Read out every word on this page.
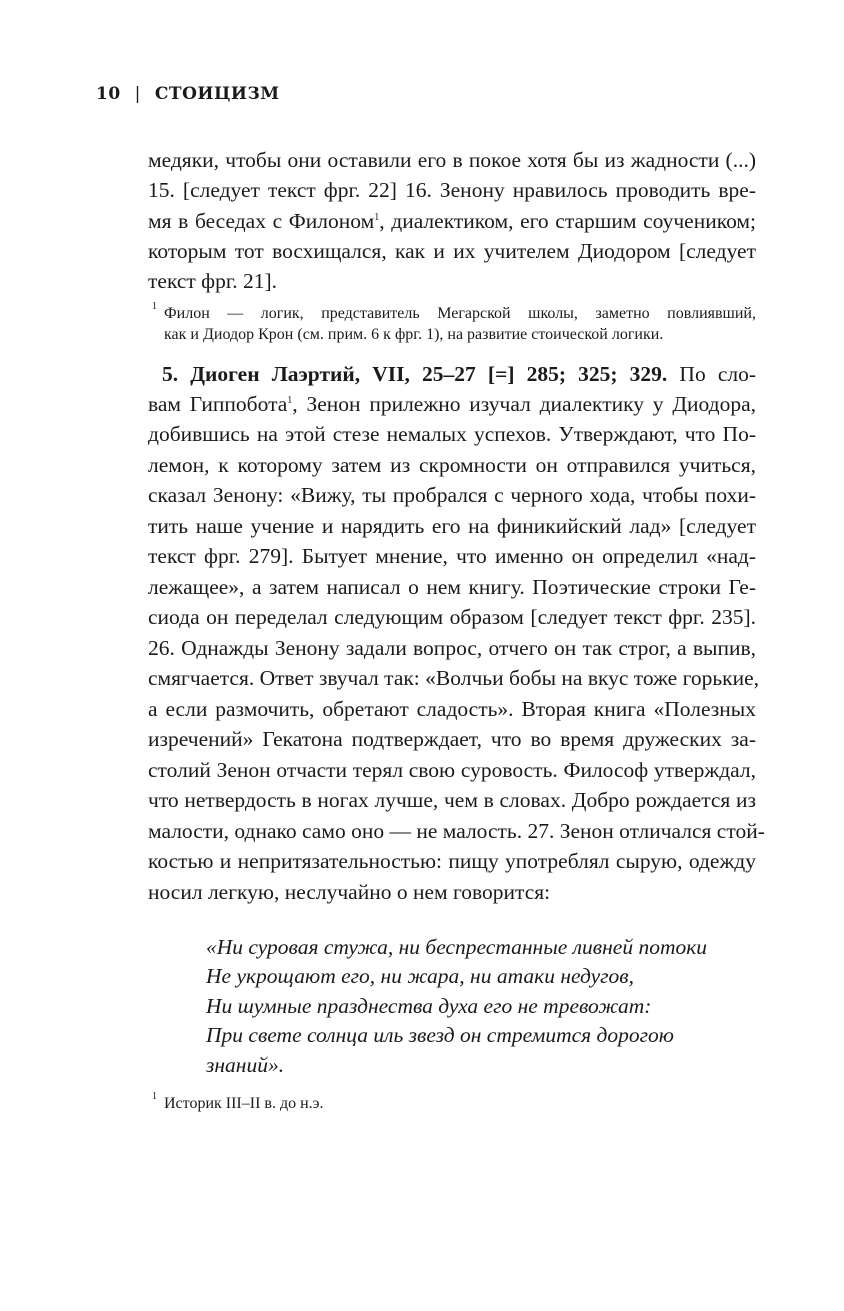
10 | СТОИЦИЗМ
медяки, чтобы они оставили его в покое хотя бы из жадности (...)
15. [следует текст фрг. 22] 16. Зенону нравилось проводить вре-
мя в беседах с Филоном$^1$, диалектиком, его старшим соучеником;
которым тот восхищался, как и их учителем Диодором [следует
текст фрг. 21].
1 Филон — логик, представитель Мегарской школы, заметно повлиявший,
как и Диодор Крон (см. прим. 6 к фрг. 1), на развитие стоической логики.
5. Диоген Лаэртий, VII, 25–27 [=] 285; 325; 329. По сло-
вам Гиппобота$^1$, Зенон прилежно изучал диалектику у Диодора,
добившись на этой стезе немалых успехов. Утверждают, что По-
лемон, к которому затем из скромности он отправился учиться,
сказал Зенону: «Вижу, ты пробрался с черного хода, чтобы похи-
тить наше учение и нарядить его на финикийский лад» [следует
текст фрг. 279]. Бытует мнение, что именно он определил «над-
лежащее», а затем написал о нем книгу. Поэтические строки Ге-
сиода он переделал следующим образом [следует текст фрг. 235].
26. Однажды Зенону задали вопрос, отчего он так строг, а выпив,
смягчается. Ответ звучал так: «Волчьи бобы на вкус тоже горькие,
а если размочить, обретают сладость». Вторая книга «Полезных
изречений» Гекатона подтверждает, что во время дружеских за-
столий Зенон отчасти терял свою суровость. Философ утверждал,
что нетвердость в ногах лучше, чем в словах. Добро рождается из
малости, однако само оно — не малость. 27. Зенон отличался стой-
костью и непритязательностью: пищу употреблял сырую, одежду
носил легкую, неслучайно о нем говорится:
«Ни суровая стужа, ни беспрестанные ливней потоки
Не укрощают его, ни жара, ни атаки недугов,
Ни шумные празднества духа его не тревожат:
При свете солнца иль звезд он стремится дорогою
знаний».
1 Историк III–II в. до н.э.
